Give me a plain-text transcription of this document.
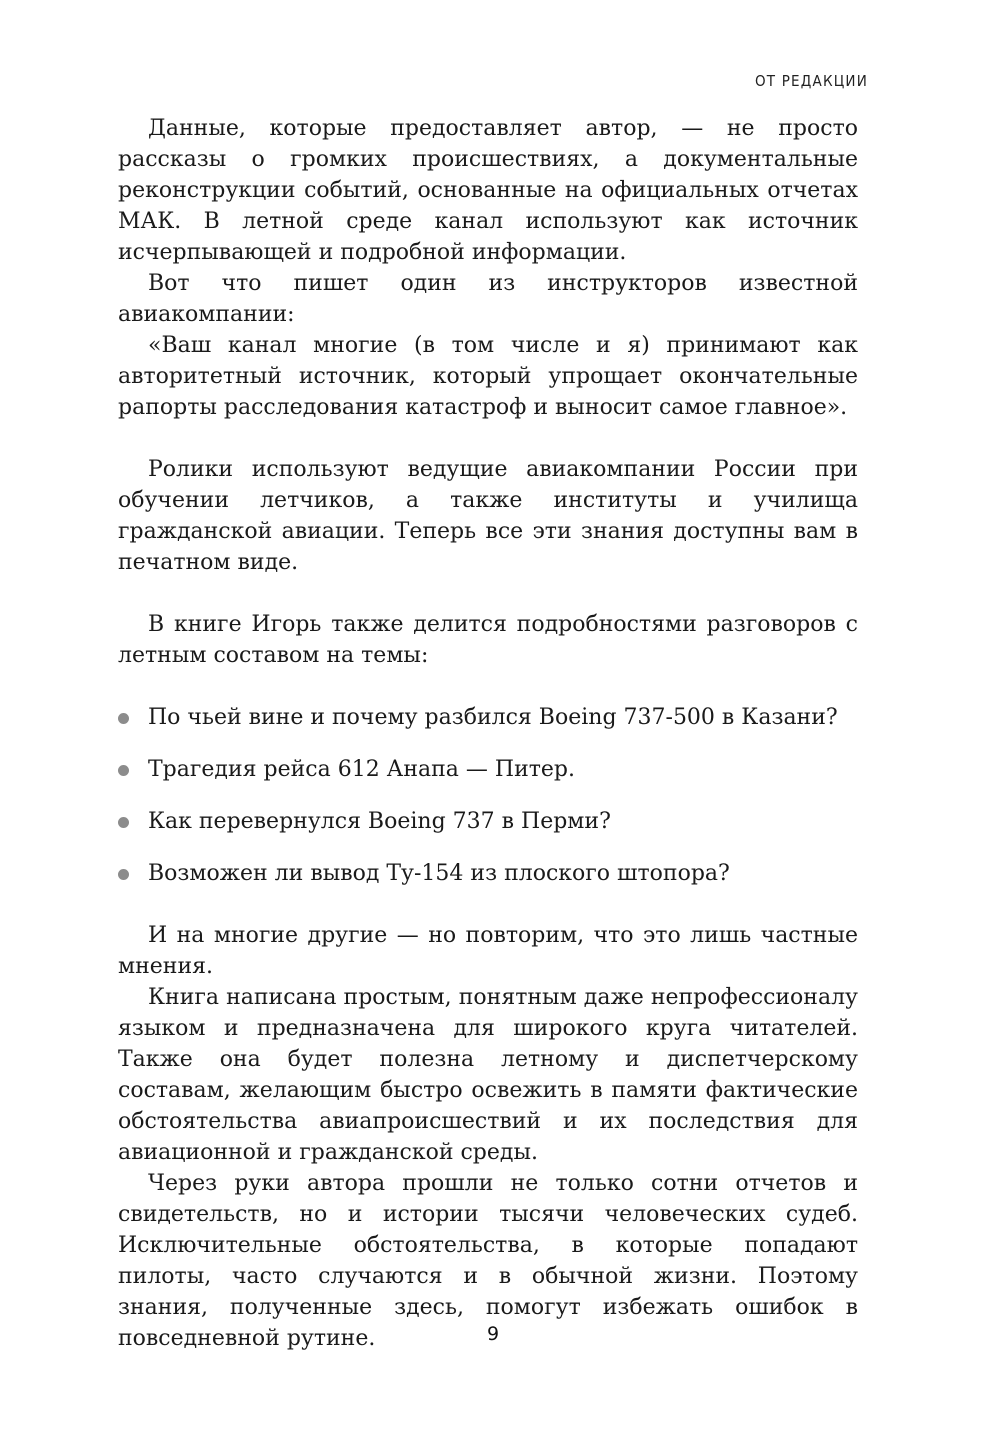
ОТ РЕДАКЦИИ

Данные, которые предоставляет автор, — не просто рассказы о громких происшествиях, а документальные реконструкции событий, основанные на официальных отчетах МАК. В летной среде канал используют как источник исчерпывающей и подробной информации.

Вот что пишет один из инструкторов известной авиакомпании:

«Ваш канал многие (в том числе и я) принимают как авторитетный источник, который упрощает окончательные рапорты расследования катастроф и выносит самое главное».

Ролики используют ведущие авиакомпании России при обучении летчиков, а также институты и училища гражданской авиации. Теперь все эти знания доступны вам в печатном виде.

В книге Игорь также делится подробностями разговоров с летным составом на темы:

По чьей вине и почему разбился Boeing 737-500 в Казани?
Трагедия рейса 612 Анапа — Питер.
Как перевернулся Boeing 737 в Перми?
Возможен ли вывод Ту-154 из плоского штопора?

И на многие другие — но повторим, что это лишь частные мнения.

Книга написана простым, понятным даже непрофессионалу языком и предназначена для широкого круга читателей. Также она будет полезна летному и диспетчерскому составам, желающим быстро освежить в памяти фактические обстоятельства авиапроисшествий и их последствия для авиационной и гражданской среды.

Через руки автора прошли не только сотни отчетов и свидетельств, но и истории тысячи человеческих судеб. Исключительные обстоятельства, в которые попадают пилоты, часто случаются и в обычной жизни. Поэтому знания, полученные здесь, помогут избежать ошибок в повседневной рутине.	9
